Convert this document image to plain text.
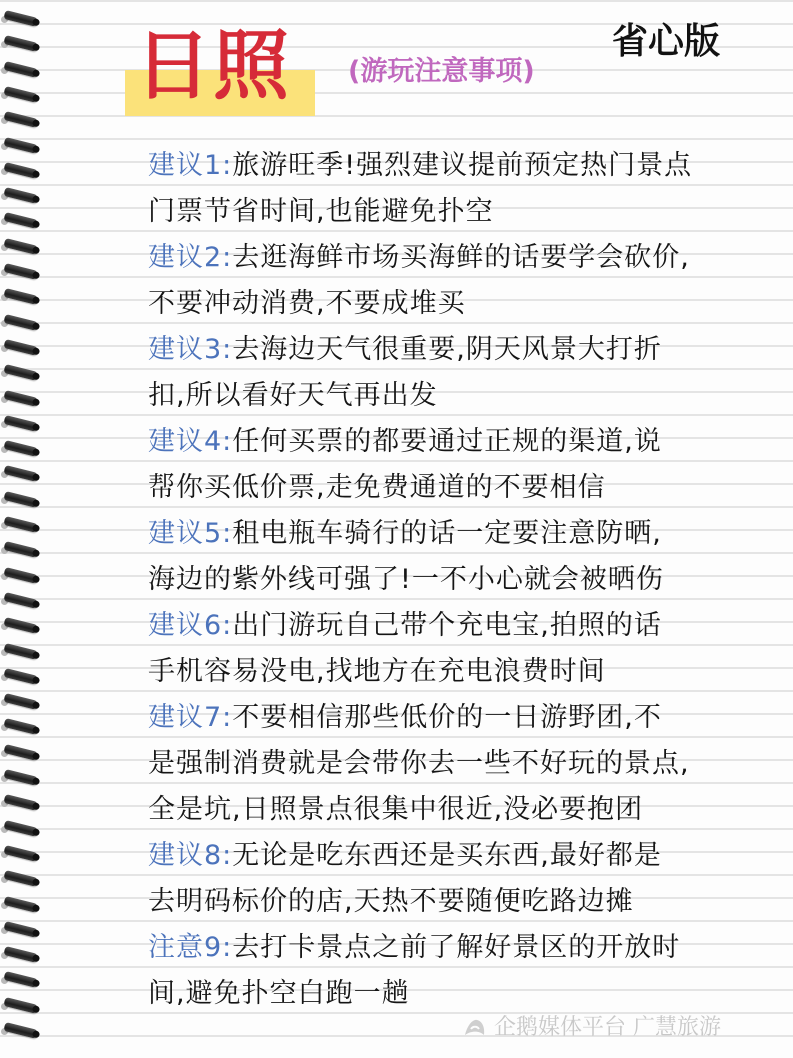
日照 (游玩注意事项)
省心版
建议1:旅游旺季!强烈建议提前预定热门景点
门票节省时间,也能避免扑空
建议2:去逛海鲜市场买海鲜的话要学会砍价,
不要冲动消费,不要成堆买
建议3:去海边天气很重要,阴天风景大打折
扣,所以看好天气再出发
建议4:任何买票的都要通过正规的渠道,说
帮你买低价票,走免费通道的不要相信
建议5:租电瓶车骑行的话一定要注意防晒,
海边的紫外线可强了!一不小心就会被晒伤
建议6:出门游玩自己带个充电宝,拍照的话
手机容易没电,找地方在充电浪费时间
建议7:不要相信那些低价的一日游野团,不
是强制消费就是会带你去一些不好玩的景点,
全是坑,日照景点很集中很近,没必要抱团
建议8:无论是吃东西还是买东西,最好都是
去明码标价的店,天热不要随便吃路边摊
注意9:去打卡景点之前了解好景区的开放时
间,避免扑空白跑一趟
企鹅媒体平台 广慧旅游
